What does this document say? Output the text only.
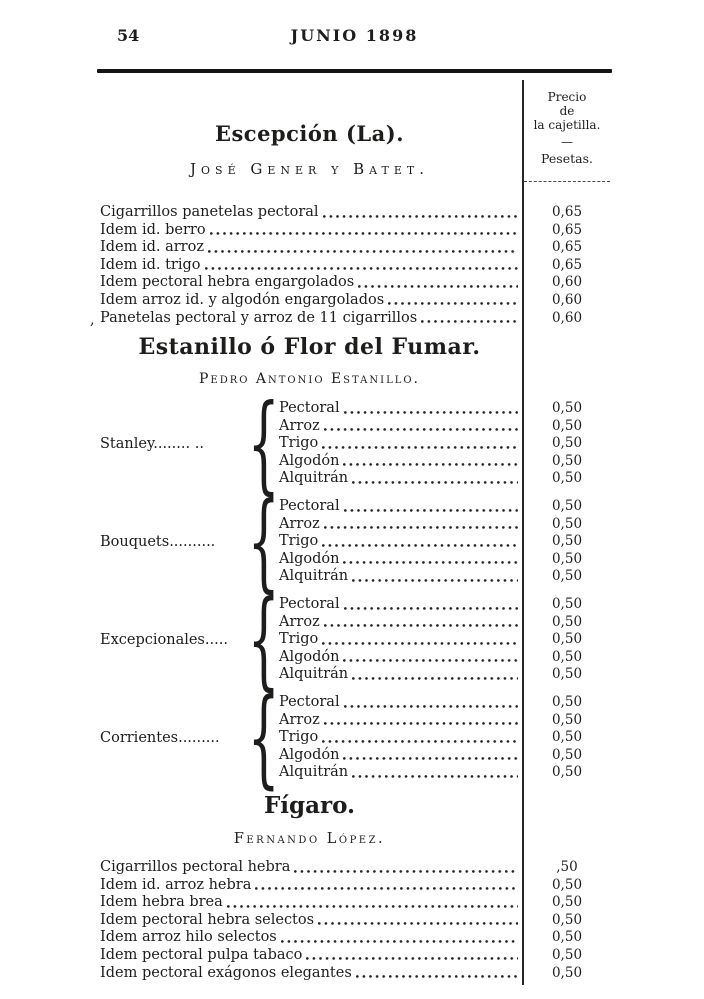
54	JUNIO 1898
Precio
de
la cajetilla.
—
Pesetas.
Escepción (La).
José Gener y Batet.
Cigarrillos panetelas pectoral	0,65
Idem id. berro	0,65
Idem id. arroz	0,65
Idem id. trigo	0,65
Idem pectoral hebra engargolados	0,60
Idem arroz id. y algodón engargolados	0,60
, Panetelas pectoral y arroz de 11 cigarrillos	0,60
Estanillo ó Flor del Fumar.
Pedro Antonio Estanillo.
Stanley........ .. {
Pectoral	0,50
Arroz	0,50
Trigo	0,50
Algodón	0,50
Alquitrán	0,50
Bouquets.......... {
Pectoral	0,50
Arroz	0,50
Trigo	0,50
Algodón	0,50
Alquitrán	0,50
Excepcionales..... {
Pectoral	0,50
Arroz	0,50
Trigo	0,50
Algodón	0,50
Alquitrán	0,50
Corrientes......... {
Pectoral	0,50
Arroz	0,50
Trigo	0,50
Algodón	0,50
Alquitrán	0,50
Fígaro.
Fernando López.
Cigarrillos pectoral hebra	,50
Idem id. arroz hebra	0,50
Idem hebra brea	0,50
Idem pectoral hebra selectos	0,50
Idem arroz hilo selectos	0,50
Idem pectoral pulpa tabaco	0,50
Idem pectoral exágonos elegantes	0,50
